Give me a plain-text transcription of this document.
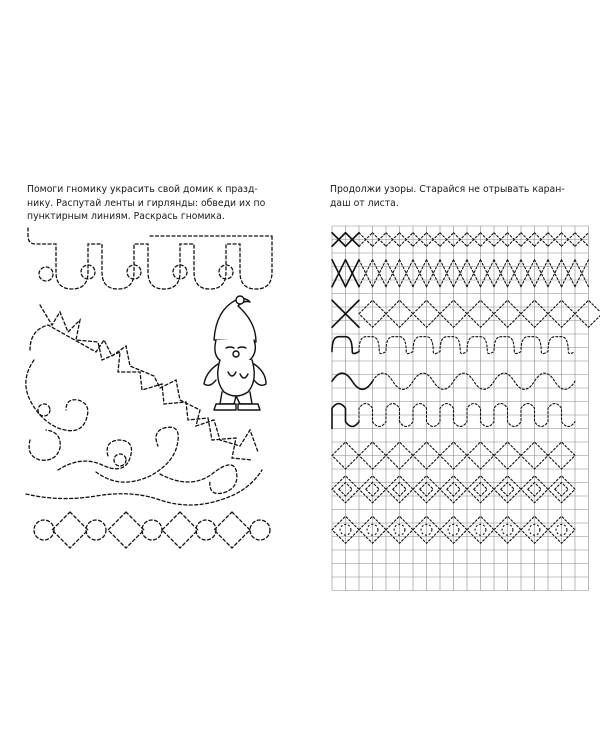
Помоги гномику украсить свой домик к празд-
нику. Распутай ленты и гирлянды: обведи их по
пунктирным линиям. Раскрась гномика.

Продолжи узоры. Старайся не отрывать каран-
даш от листа.
